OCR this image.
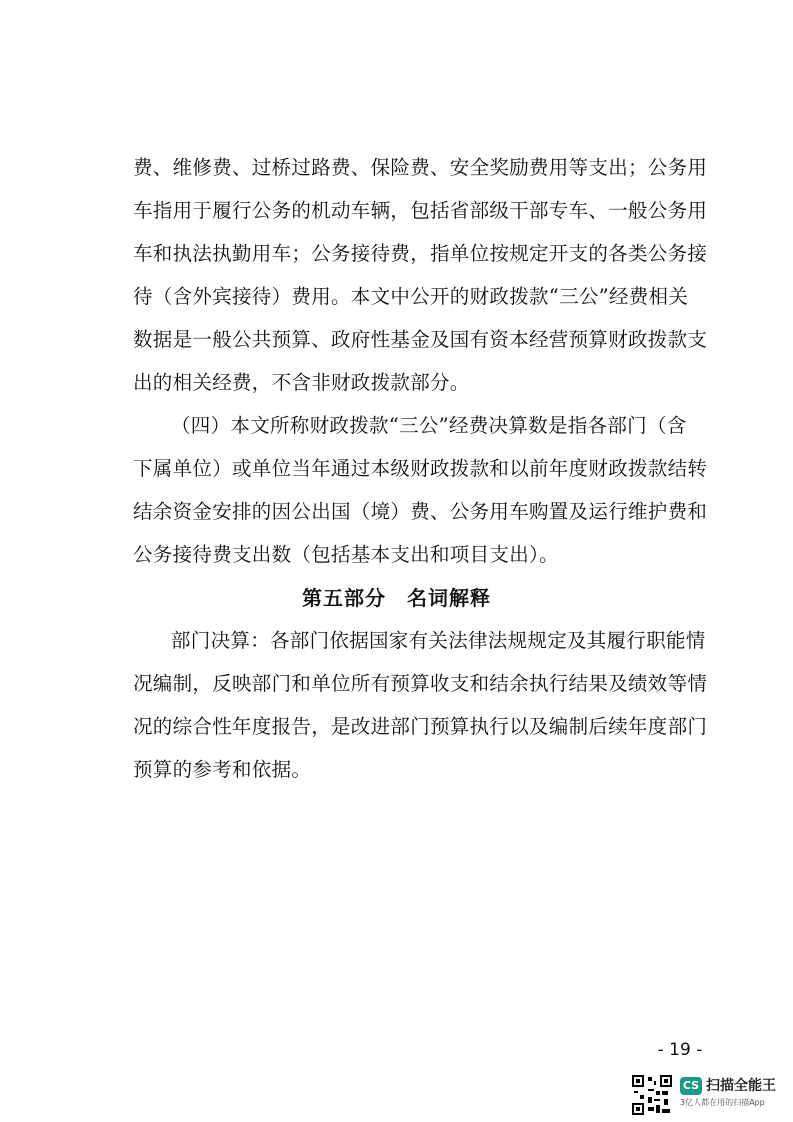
费、维修费、过桥过路费、保险费、安全奖励费用等支出；公务用
车指用于履行公务的机动车辆，包括省部级干部专车、一般公务用
车和执法执勤用车；公务接待费，指单位按规定开支的各类公务接
待（含外宾接待）费用。本文中公开的财政拨款“三公”经费相关
数据是一般公共预算、政府性基金及国有资本经营预算财政拨款支
出的相关经费，不含非财政拨款部分。
（四）本文所称财政拨款“三公”经费决算数是指各部门（含
下属单位）或单位当年通过本级财政拨款和以前年度财政拨款结转
结余资金安排的因公出国（境）费、公务用车购置及运行维护费和
公务接待费支出数（包括基本支出和项目支出）。
第五部分　名词解释
部门决算：各部门依据国家有关法律法规规定及其履行职能情
况编制，反映部门和单位所有预算收支和结余执行结果及绩效等情
况的综合性年度报告，是改进部门预算执行以及编制后续年度部门
预算的参考和依据。
- 19 -
CS 扫描全能王
3亿人都在用的扫描App
